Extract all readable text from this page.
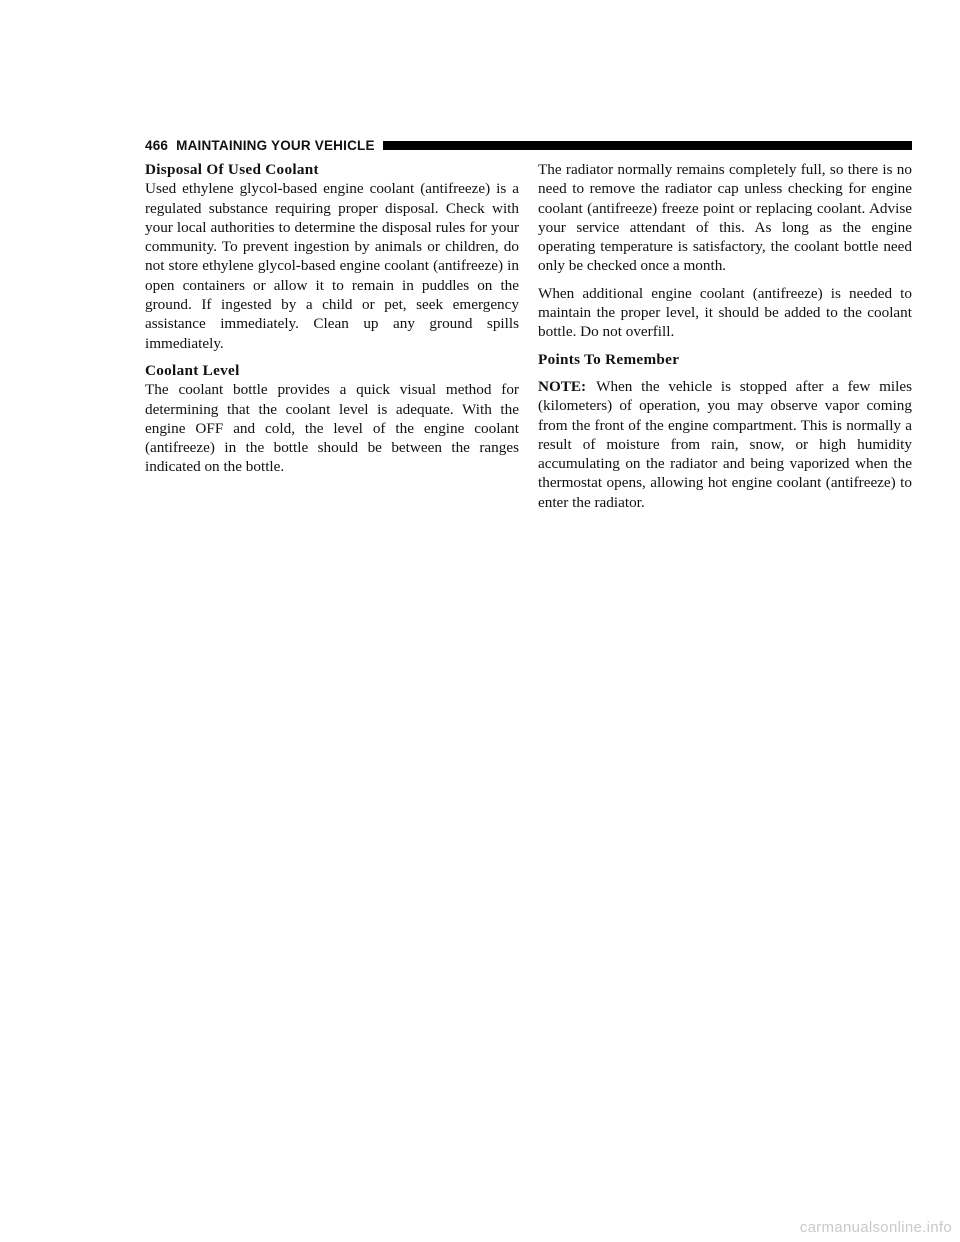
466 MAINTAINING YOUR VEHICLE

Disposal Of Used Coolant

Used ethylene glycol-based engine coolant (antifreeze) is a regulated substance requiring proper disposal. Check with your local authorities to determine the disposal rules for your community. To prevent ingestion by animals or children, do not store ethylene glycol-based engine coolant (antifreeze) in open containers or allow it to remain in puddles on the ground. If ingested by a child or pet, seek emergency assistance immediately. Clean up any ground spills immediately.

Coolant Level

The coolant bottle provides a quick visual method for determining that the coolant level is adequate. With the engine OFF and cold, the level of the engine coolant (antifreeze) in the bottle should be between the ranges indicated on the bottle.

The radiator normally remains completely full, so there is no need to remove the radiator cap unless checking for engine coolant (antifreeze) freeze point or replacing coolant. Advise your service attendant of this. As long as the engine operating temperature is satisfactory, the coolant bottle need only be checked once a month.

When additional engine coolant (antifreeze) is needed to maintain the proper level, it should be added to the coolant bottle. Do not overfill.

Points To Remember

NOTE: When the vehicle is stopped after a few miles (kilometers) of operation, you may observe vapor coming from the front of the engine compartment. This is normally a result of moisture from rain, snow, or high humidity accumulating on the radiator and being vaporized when the thermostat opens, allowing hot engine coolant (antifreeze) to enter the radiator.

carmanualsonline.info
